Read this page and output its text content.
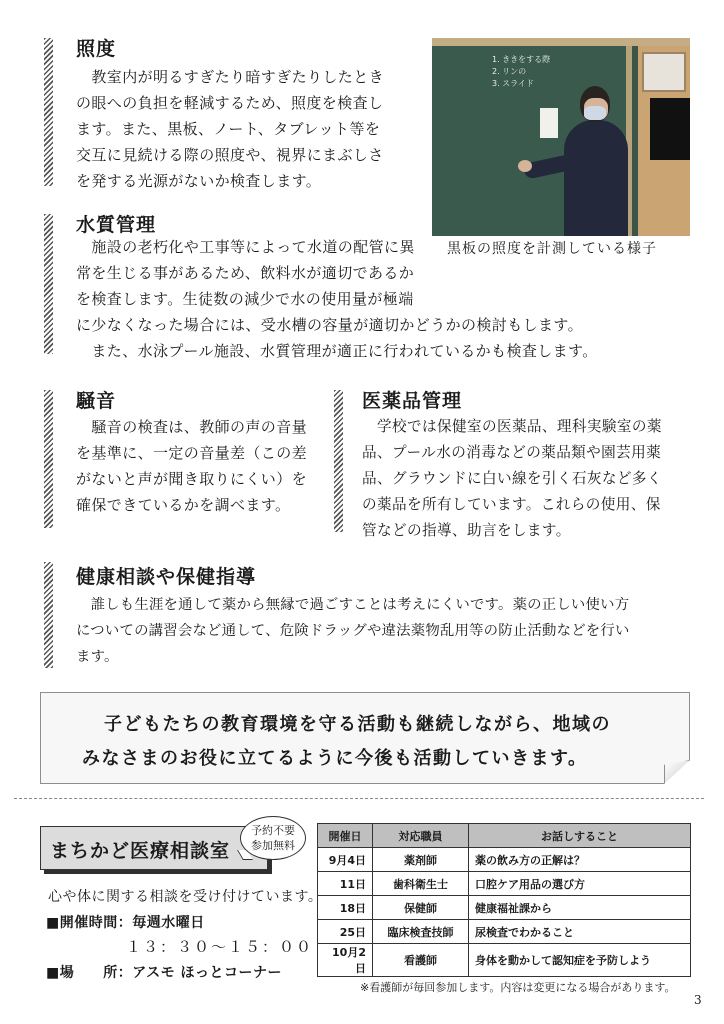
照度
　教室内が明るすぎたり暗すぎたりしたとき
の眼への負担を軽減するため、照度を検査し
ます。また、黒板、ノート、タブレット等を
交互に見続ける際の照度や、視界にまぶしさ
を発する光源がないか検査します。
1. ききをする際
2. リンの
3. スライド
黒板の照度を計測している様子
水質管理
　施設の老朽化や工事等によって水道の配管に異
常を生じる事があるため、飲料水が適切であるか
を検査します。生徒数の減少で水の使用量が極端
に少なくなった場合には、受水槽の容量が適切かどうかの検討もします。
　また、水泳プール施設、水質管理が適正に行われているかも検査します。
騒音
　騒音の検査は、教師の声の音量
を基準に、一定の音量差（この差
がないと声が聞き取りにくい）を
確保できているかを調べます。
医薬品管理
　学校では保健室の医薬品、理科実験室の薬
品、プール水の消毒などの薬品類や園芸用薬
品、グラウンドに白い線を引く石灰など多く
の薬品を所有しています。これらの使用、保
管などの指導、助言をします。
健康相談や保健指導
　誰しも生涯を通して薬から無縁で過ごすことは考えにくいです。薬の正しい使い方
についての講習会など通して、危険ドラッグや違法薬物乱用等の防止活動などを行い
ます。
子どもたちの教育環境を守る活動も継続しながら、地域の
みなさまのお役に立てるように今後も活動していきます。
まちかど医療相談室
予約不要
参加無料
心や体に関する相談を受け付けています。
■開催時間：毎週水曜日
１３：３０～１５：００
■場　　所：アスモ ほっとコーナー
開催日	対応職員	お話しすること
9月4日	薬剤師	薬の飲み方の正解は？
11日	歯科衛生士	口腔ケア用品の選び方
18日	保健師	健康福祉課から
25日	臨床検査技師	尿検査でわかること
10月2日	看護師	身体を動かして認知症を予防しよう
※看護師が毎回参加します。内容は変更になる場合があります。
3
